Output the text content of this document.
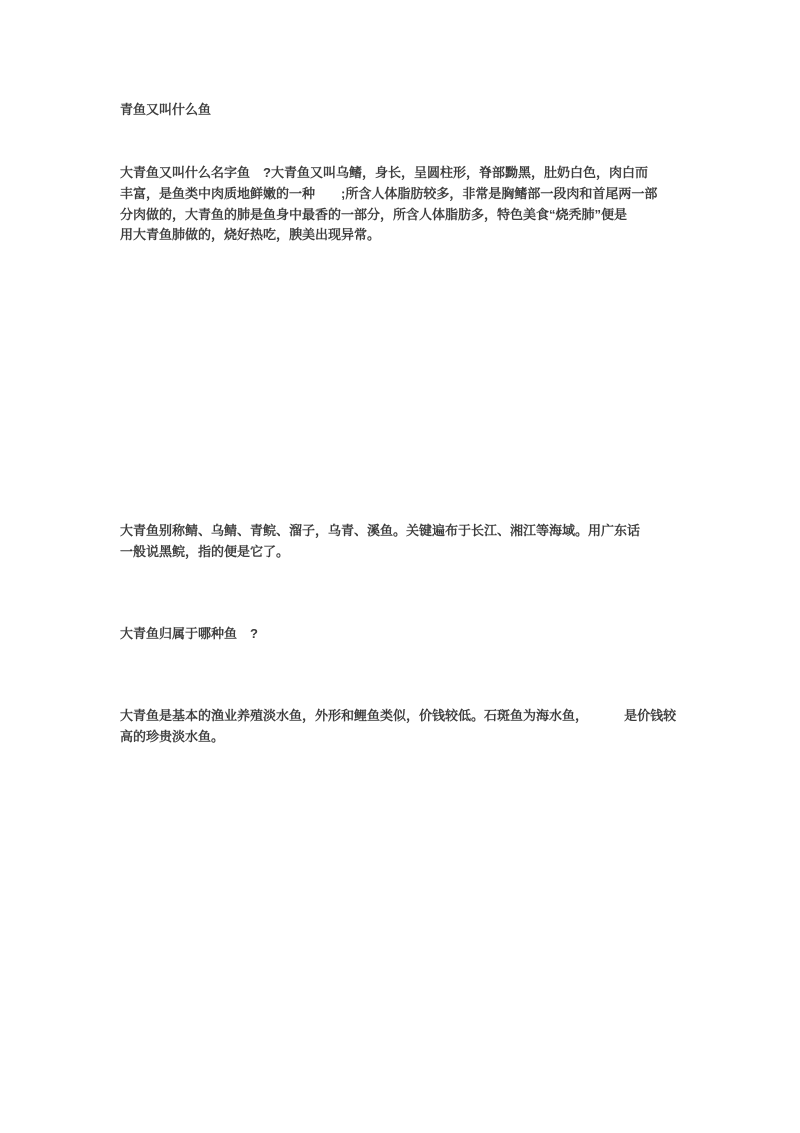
青鱼又叫什么鱼
大青鱼又叫什么名字鱼　?大青鱼又叫乌鳍，身长，呈圆柱形，脊部黝黑，肚奶白色，肉白而
丰富，是鱼类中肉质地鲜嫩的一种　　;所含人体脂肪较多，非常是胸鳍部一段肉和首尾两一部
分肉做的，大青鱼的肺是鱼身中最香的一部分，所含人体脂肪多，特色美食“烧秃肺”便是
用大青鱼肺做的，烧好热吃，腴美出现异常。
大青鱼别称鲭、乌鲭、青鲩、溜子，乌青、溪鱼。关键遍布于长江、湘江等海域。用广东话
一般说黑鲩，指的便是它了。
大青鱼归属于哪种鱼　?
大青鱼是基本的渔业养殖淡水鱼，外形和鲤鱼类似，价钱较低。石斑鱼为海水鱼，　　　 是价钱较
高的珍贵淡水鱼。
